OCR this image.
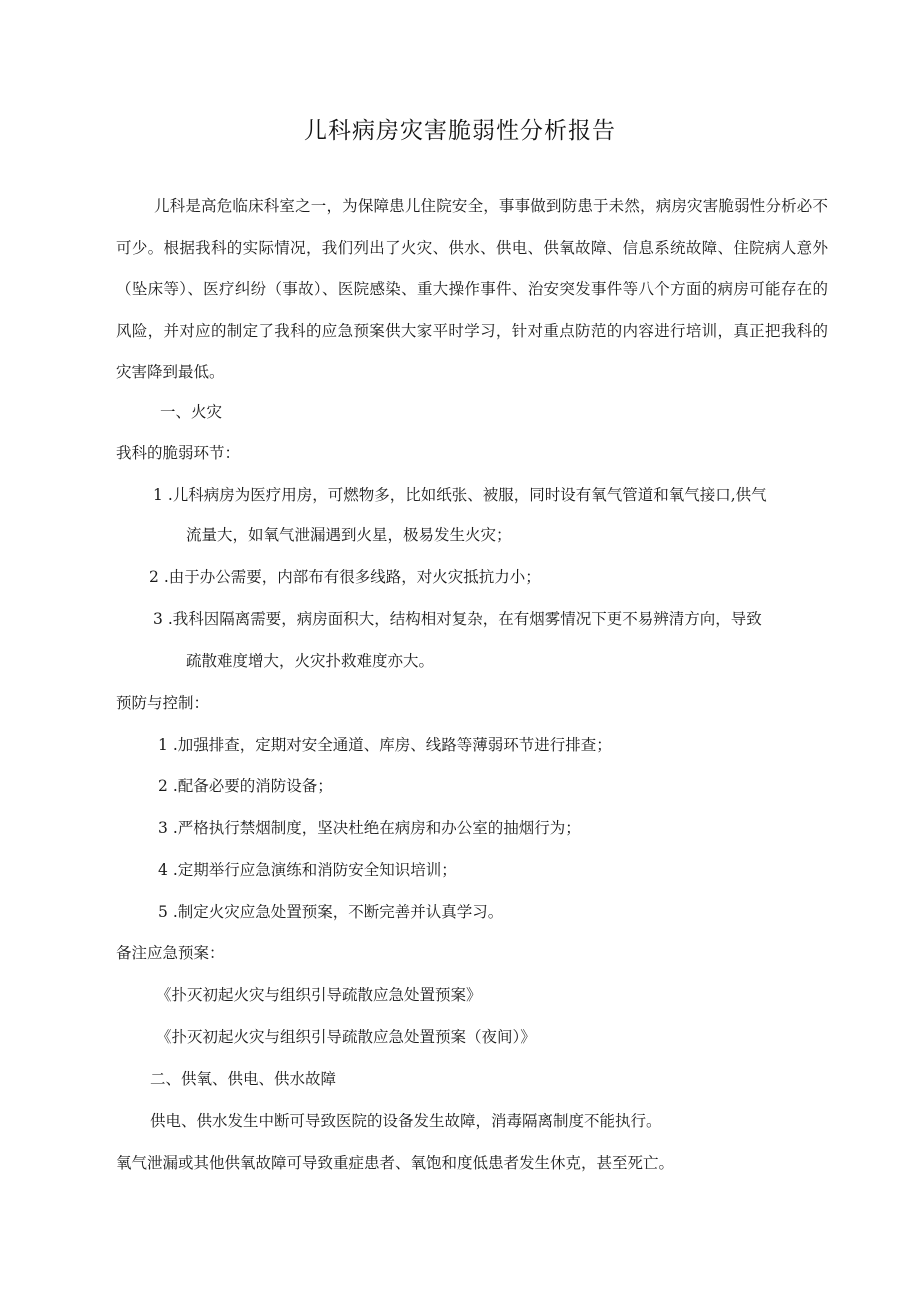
儿科病房灾害脆弱性分析报告
儿科是高危临床科室之一，为保障患儿住院安全，事事做到防患于未然，病房灾害脆弱性分析必不可少。根据我科的实际情况，我们列出了火灾、供水、供电、供氧故障、信息系统故障、住院病人意外（坠床等）、医疗纠纷（事故）、医院感染、重大操作事件、治安突发事件等八个方面的病房可能存在的风险，并对应的制定了我科的应急预案供大家平时学习，针对重点防范的内容进行培训，真正把我科的灾害降到最低。
一、火灾
我科的脆弱环节：
1 .儿科病房为医疗用房，可燃物多，比如纸张、被服，同时设有氧气管道和氧气接口,供气
流量大，如氧气泄漏遇到火星，极易发生火灾；
2 .由于办公需要，内部布有很多线路，对火灾抵抗力小；
3 .我科因隔离需要，病房面积大，结构相对复杂，在有烟雾情况下更不易辨清方向，导致
疏散难度增大，火灾扑救难度亦大。
预防与控制：
1 .加强排查，定期对安全通道、库房、线路等薄弱环节进行排查；
2 .配备必要的消防设备；
3 .严格执行禁烟制度，坚决杜绝在病房和办公室的抽烟行为；
4 .定期举行应急演练和消防安全知识培训；
5 .制定火灾应急处置预案，不断完善并认真学习。
备注应急预案：
《扑灭初起火灾与组织引导疏散应急处置预案》
《扑灭初起火灾与组织引导疏散应急处置预案（夜间）》
二、供氧、供电、供水故障
供电、供水发生中断可导致医院的设备发生故障，消毒隔离制度不能执行。
氧气泄漏或其他供氧故障可导致重症患者、氧饱和度低患者发生休克，甚至死亡。
